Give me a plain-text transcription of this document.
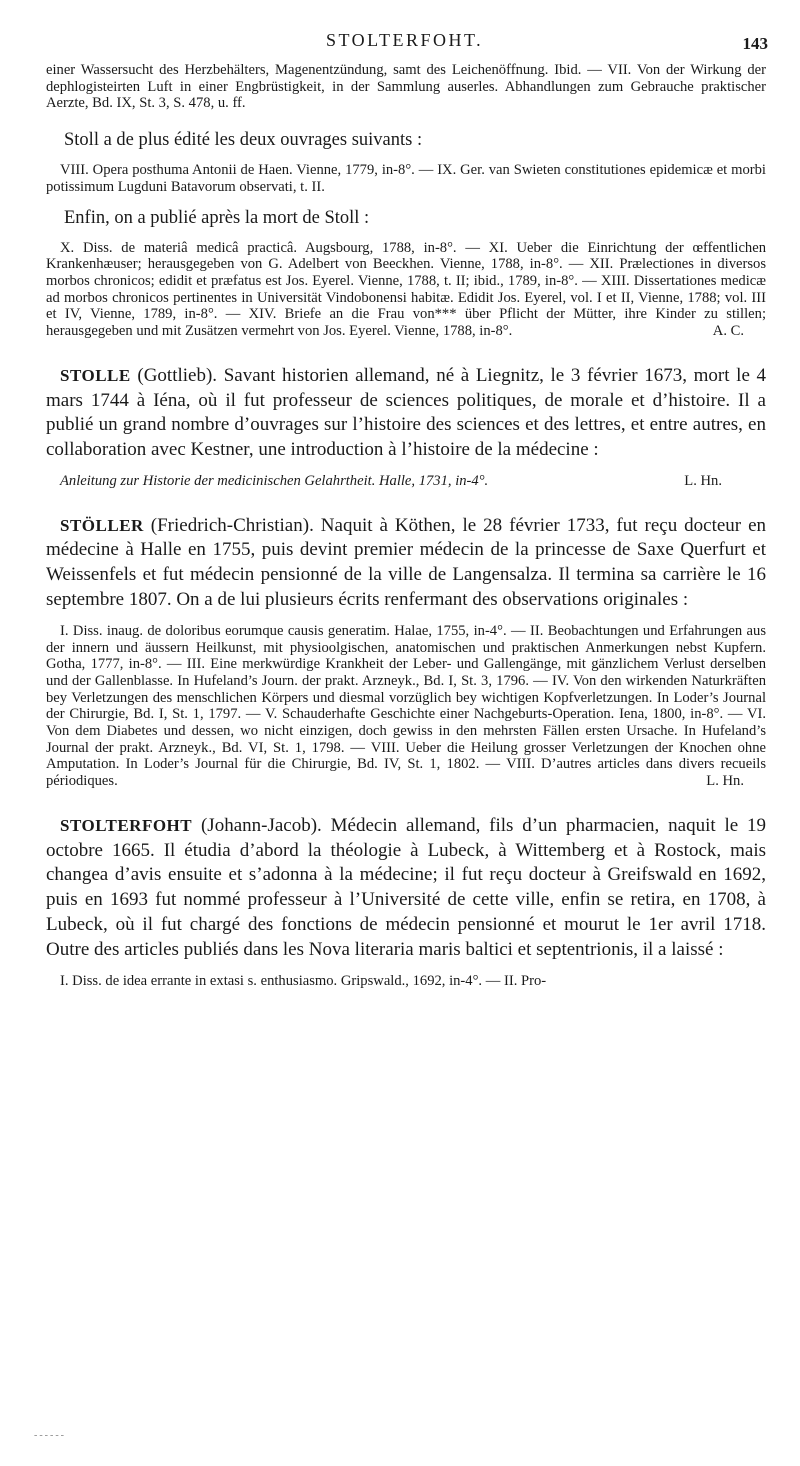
STOLTERFOHT.	143

einer Wassersucht des Herzbehälters, Magenentzündung, samt des Leichenöffnung. Ibid. — VII. Von der Wirkung der dephlogisteirten Luft in einer Engbrüstigkeit, in der Sammlung auserles. Abhandlungen zum Gebrauche praktischer Aerzte, Bd. IX, St. 3, S. 478, u. ff.

Stoll a de plus édité les deux ouvrages suivants :

VIII. Opera posthuma Antonii de Haen. Vienne, 1779, in-8°. — IX. Ger. van Swieten constitutiones epidemicæ et morbi potissimum Lugduni Batavorum observati, t. II.

Enfin, on a publié après la mort de Stoll :

X. Diss. de materiâ medicâ practicâ. Augsbourg, 1788, in-8°. — XI. Ueber die Einrichtung der œffentlichen Krankenhæuser; herausgegeben von G. Adelbert von Beeckhen. Vienne, 1788, in-8°. — XII. Prælectiones in diversos morbos chronicos; edidit et præfatus est Jos. Eyerel. Vienne, 1788, t. II; ibid., 1789, in-8°. — XIII. Dissertationes medicæ ad morbos chronicos pertinentes in Universität Vindobonensi habitæ. Edidit Jos. Eyerel, vol. I et II, Vienne, 1788; vol. III et IV, Vienne, 1789, in-8°. — XIV. Briefe an die Frau von*** über Pflicht der Mütter, ihre Kinder zu stillen; herausgegeben und mit Zusätzen vermehrt von Jos. Eyerel. Vienne, 1788, in-8°.	A. C.

STOLLE (Gottlieb). Savant historien allemand, né à Liegnitz, le 3 février 1673, mort le 4 mars 1744 à Iéna, où il fut professeur de sciences politiques, de morale et d’histoire. Il a publié un grand nombre d’ouvrages sur l’histoire des sciences et des lettres, et entre autres, en collaboration avec Kestner, une introduction à l’histoire de la médecine :

Anleitung zur Historie der medicinischen Gelahrtheit. Halle, 1731, in-4°.	L. Hn.

STÖLLER (Friedrich-Christian). Naquit à Köthen, le 28 février 1733, fut reçu docteur en médecine à Halle en 1755, puis devint premier médecin de la princesse de Saxe Querfurt et Weissenfels et fut médecin pensionné de la ville de Langensalza. Il termina sa carrière le 16 septembre 1807. On a de lui plusieurs écrits renfermant des observations originales :

I. Diss. inaug. de doloribus eorumque causis generatim. Halae, 1755, in-4°. — II. Beobachtungen und Erfahrungen aus der innern und äussern Heilkunst, mit physioolgischen, anatomischen und praktischen Anmerkungen nebst Kupfern. Gotha, 1777, in-8°. — III. Eine merkwürdige Krankheit der Leber- und Gallengänge, mit gänzlichem Verlust derselben und der Gallenblasse. In Hufeland’s Journ. der prakt. Arzneyk., Bd. I, St. 3, 1796. — IV. Von den wirkenden Naturkräften bey Verletzungen des menschlichen Körpers und diesmal vorzüglich bey wichtigen Kopfverletzungen. In Loder’s Journal der Chirurgie, Bd. I, St. 1, 1797. — V. Schauderhafte Geschichte einer Nachgeburts-Operation. Iena, 1800, in-8°. — VI. Von dem Diabetes und dessen, wo nicht einzigen, doch gewiss in den mehrsten Fällen ersten Ursache. In Hufeland’s Journal der prakt. Arzneyk., Bd. VI, St. 1, 1798. — VIII. Ueber die Heilung grosser Verletzungen der Knochen ohne Amputation. In Loder’s Journal für die Chirurgie, Bd. IV, St. 1, 1802. — VIII. D’autres articles dans divers recueils périodiques.	L. Hn.

STOLTERFOHT (Johann-Jacob). Médecin allemand, fils d’un pharmacien, naquit le 19 octobre 1665. Il étudia d’abord la théologie à Lubeck, à Wittemberg et à Rostock, mais changea d’avis ensuite et s’adonna à la médecine; il fut reçu docteur à Greifswald en 1692, puis en 1693 fut nommé professeur à l’Université de cette ville, enfin se retira, en 1708, à Lubeck, où il fut chargé des fonctions de médecin pensionné et mourut le 1er avril 1718. Outre des articles publiés dans les Nova literaria maris baltici et septentrionis, il a laissé :

I. Diss. de idea errante in extasi s. enthusiasmo. Gripswald., 1692, in-4°. — II. Pro-

------
